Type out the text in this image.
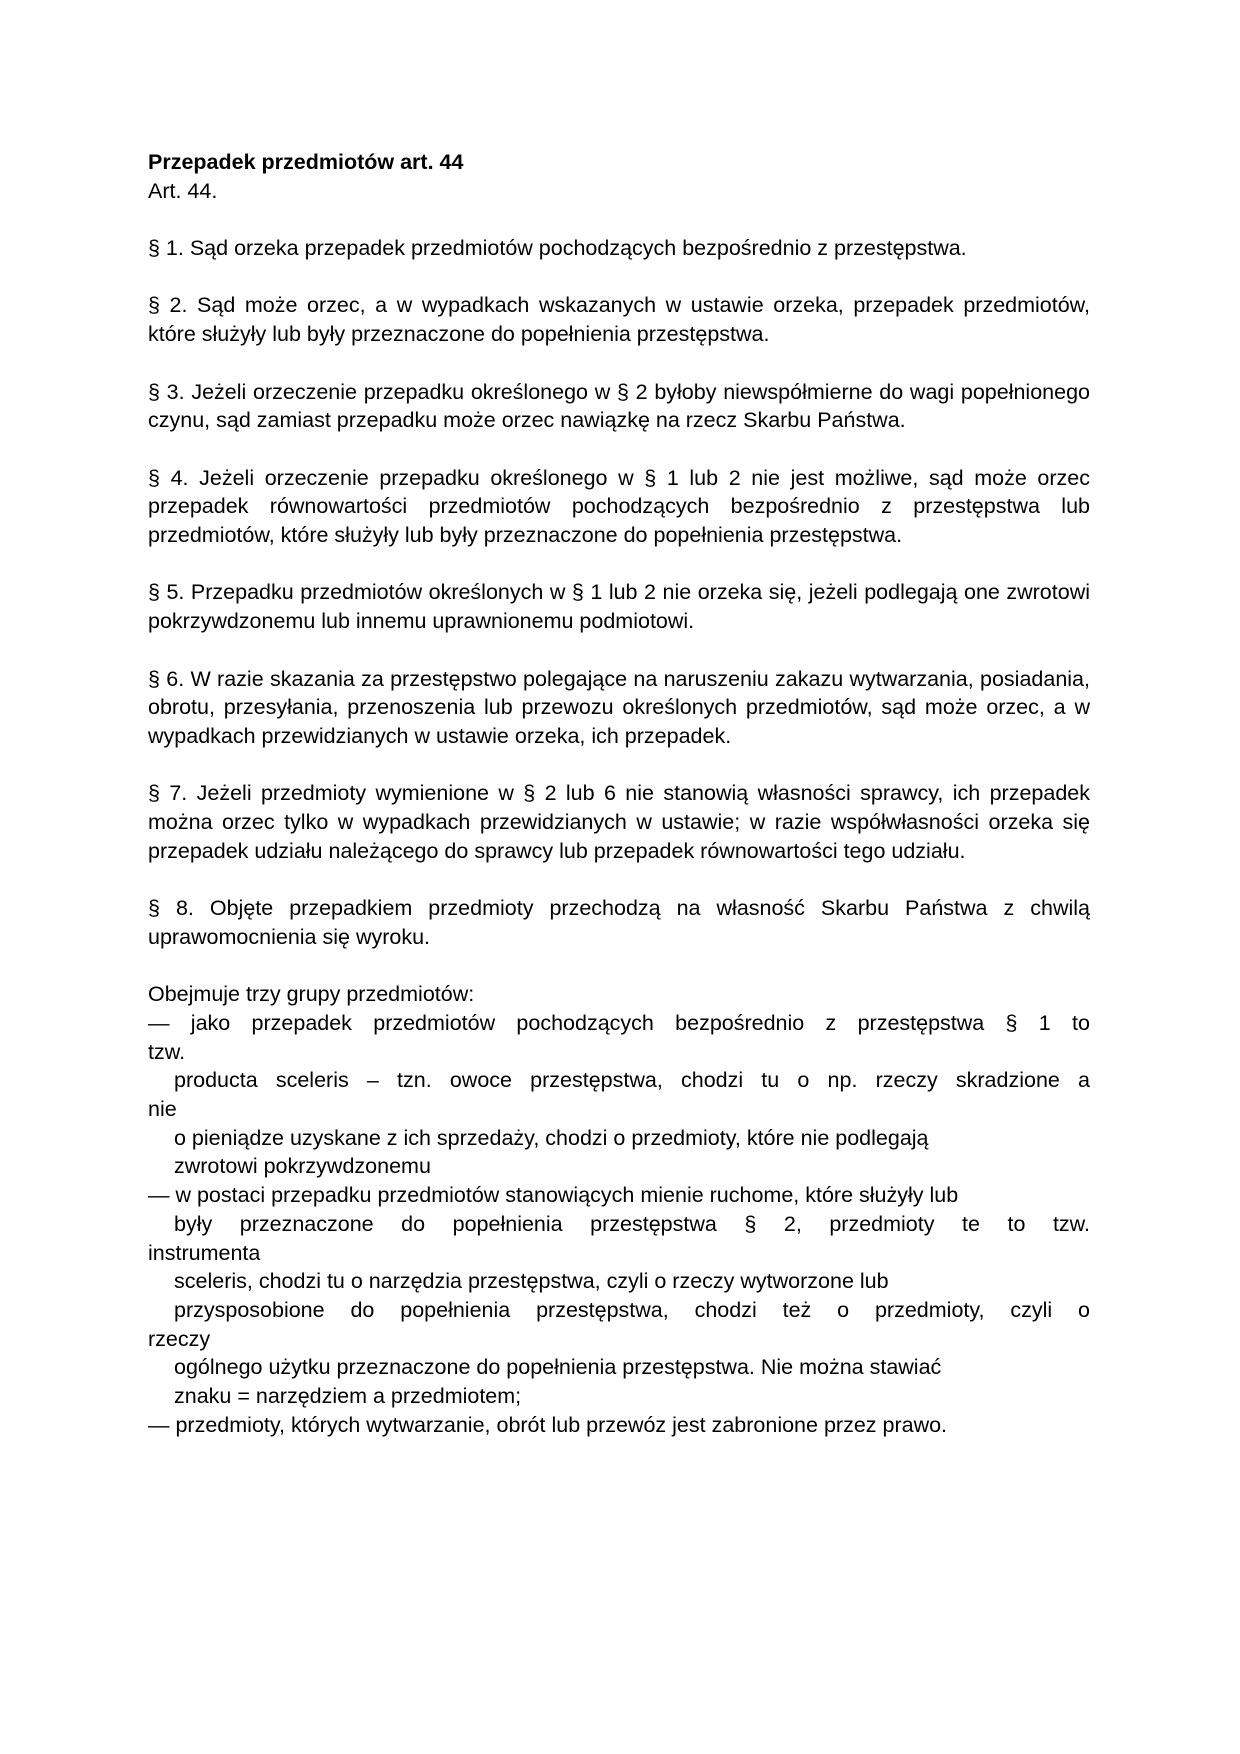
Przepadek przedmiotów art. 44
Art. 44.
§ 1. Sąd orzeka przepadek przedmiotów pochodzących bezpośrednio z przestępstwa.
§ 2. Sąd może orzec, a w wypadkach wskazanych w ustawie orzeka, przepadek przedmiotów, które służyły lub były przeznaczone do popełnienia przestępstwa.
§ 3. Jeżeli orzeczenie przepadku określonego w § 2 byłoby niewspółmierne do wagi popełnionego czynu, sąd zamiast przepadku może orzec nawiązkę na rzecz Skarbu Państwa.
§ 4. Jeżeli orzeczenie przepadku określonego w § 1 lub 2 nie jest możliwe, sąd może orzec przepadek równowartości przedmiotów pochodzących bezpośrednio z przestępstwa lub przedmiotów, które służyły lub były przeznaczone do popełnienia przestępstwa.
§ 5. Przepadku przedmiotów określonych w § 1 lub 2 nie orzeka się, jeżeli podlegają one zwrotowi pokrzywdzonemu lub innemu uprawnionemu podmiotowi.
§ 6. W razie skazania za przestępstwo polegające na naruszeniu zakazu wytwarzania, posiadania, obrotu, przesyłania, przenoszenia lub przewozu określonych przedmiotów, sąd może orzec, a w wypadkach przewidzianych w ustawie orzeka, ich przepadek.
§ 7. Jeżeli przedmioty wymienione w § 2 lub 6 nie stanowią własności sprawcy, ich przepadek można orzec tylko w wypadkach przewidzianych w ustawie; w razie współwłasności orzeka się przepadek udziału należącego do sprawcy lub przepadek równowartości tego udziału.
§ 8. Objęte przepadkiem przedmioty przechodzą na własność Skarbu Państwa z chwilą uprawomocnienia się wyroku.
Obejmuje trzy grupy przedmiotów:
— jako przepadek przedmiotów pochodzących bezpośrednio z przestępstwa § 1 to
tzw.
producta sceleris – tzn. owoce przestępstwa, chodzi tu o np. rzeczy skradzione a
nie
o pieniądze uzyskane z ich sprzedaży, chodzi o przedmioty, które nie podlegają
zwrotowi pokrzywdzonemu
— w postaci przepadku przedmiotów stanowiących mienie ruchome, które służyły lub
były przeznaczone do popełnienia przestępstwa § 2, przedmioty te to tzw.
instrumenta
sceleris, chodzi tu o narzędzia przestępstwa, czyli o rzeczy wytworzone lub
przysposobione do popełnienia przestępstwa, chodzi też o przedmioty, czyli o
rzeczy
ogólnego użytku przeznaczone do popełnienia przestępstwa. Nie można stawiać
znaku = narzędziem a przedmiotem;
— przedmioty, których wytwarzanie, obrót lub przewóz jest zabronione przez prawo.
